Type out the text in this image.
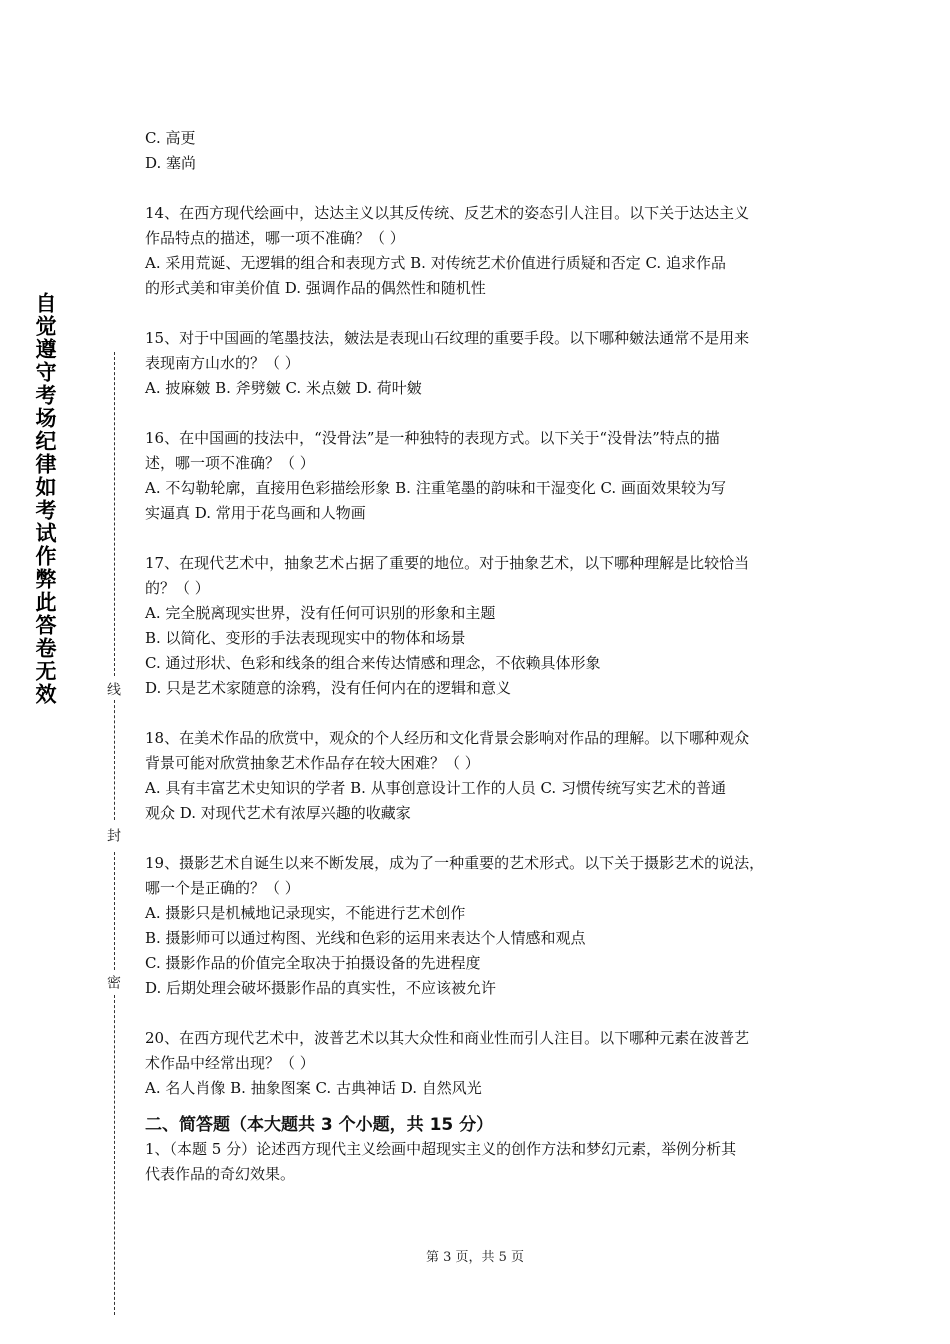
自觉遵守考场纪律如考试作弊此答卷无效	线
封
密

C. 高更

D. 塞尚

14、在西方现代绘画中，达达主义以其反传统、反艺术的姿态引人注目。以下关于达达主义

作品特点的描述，哪一项不准确？（ ）

A. 采用荒诞、无逻辑的组合和表现方式 B. 对传统艺术价值进行质疑和否定 C. 追求作品

的形式美和审美价值 D. 强调作品的偶然性和随机性

15、对于中国画的笔墨技法，皴法是表现山石纹理的重要手段。以下哪种皴法通常不是用来

表现南方山水的？（ ）

A. 披麻皴 B. 斧劈皴 C. 米点皴 D. 荷叶皴

16、在中国画的技法中，“没骨法”是一种独特的表现方式。以下关于“没骨法”特点的描

述，哪一项不准确？（ ）

A. 不勾勒轮廓，直接用色彩描绘形象 B. 注重笔墨的韵味和干湿变化 C. 画面效果较为写

实逼真 D. 常用于花鸟画和人物画

17、在现代艺术中，抽象艺术占据了重要的地位。对于抽象艺术，以下哪种理解是比较恰当

的？（ ）

A. 完全脱离现实世界，没有任何可识别的形象和主题

B. 以简化、变形的手法表现现实中的物体和场景

C. 通过形状、色彩和线条的组合来传达情感和理念，不依赖具体形象

D. 只是艺术家随意的涂鸦，没有任何内在的逻辑和意义

18、在美术作品的欣赏中，观众的个人经历和文化背景会影响对作品的理解。以下哪种观众

背景可能对欣赏抽象艺术作品存在较大困难？（ ）

A. 具有丰富艺术史知识的学者 B. 从事创意设计工作的人员 C. 习惯传统写实艺术的普通

观众 D. 对现代艺术有浓厚兴趣的收藏家

19、摄影艺术自诞生以来不断发展，成为了一种重要的艺术形式。以下关于摄影艺术的说法，

哪一个是正确的？（ ）

A. 摄影只是机械地记录现实，不能进行艺术创作

B. 摄影师可以通过构图、光线和色彩的运用来表达个人情感和观点

C. 摄影作品的价值完全取决于拍摄设备的先进程度

D. 后期处理会破坏摄影作品的真实性，不应该被允许

20、在西方现代艺术中，波普艺术以其大众性和商业性而引人注目。以下哪种元素在波普艺

术作品中经常出现？（ ）

A. 名人肖像 B. 抽象图案 C. 古典神话 D. 自然风光

二、简答题（本大题共 3 个小题，共 15 分）

1、（本题 5 分）论述西方现代主义绘画中超现实主义的创作方法和梦幻元素，举例分析其

代表作品的奇幻效果。

第 3 页，共 5 页
